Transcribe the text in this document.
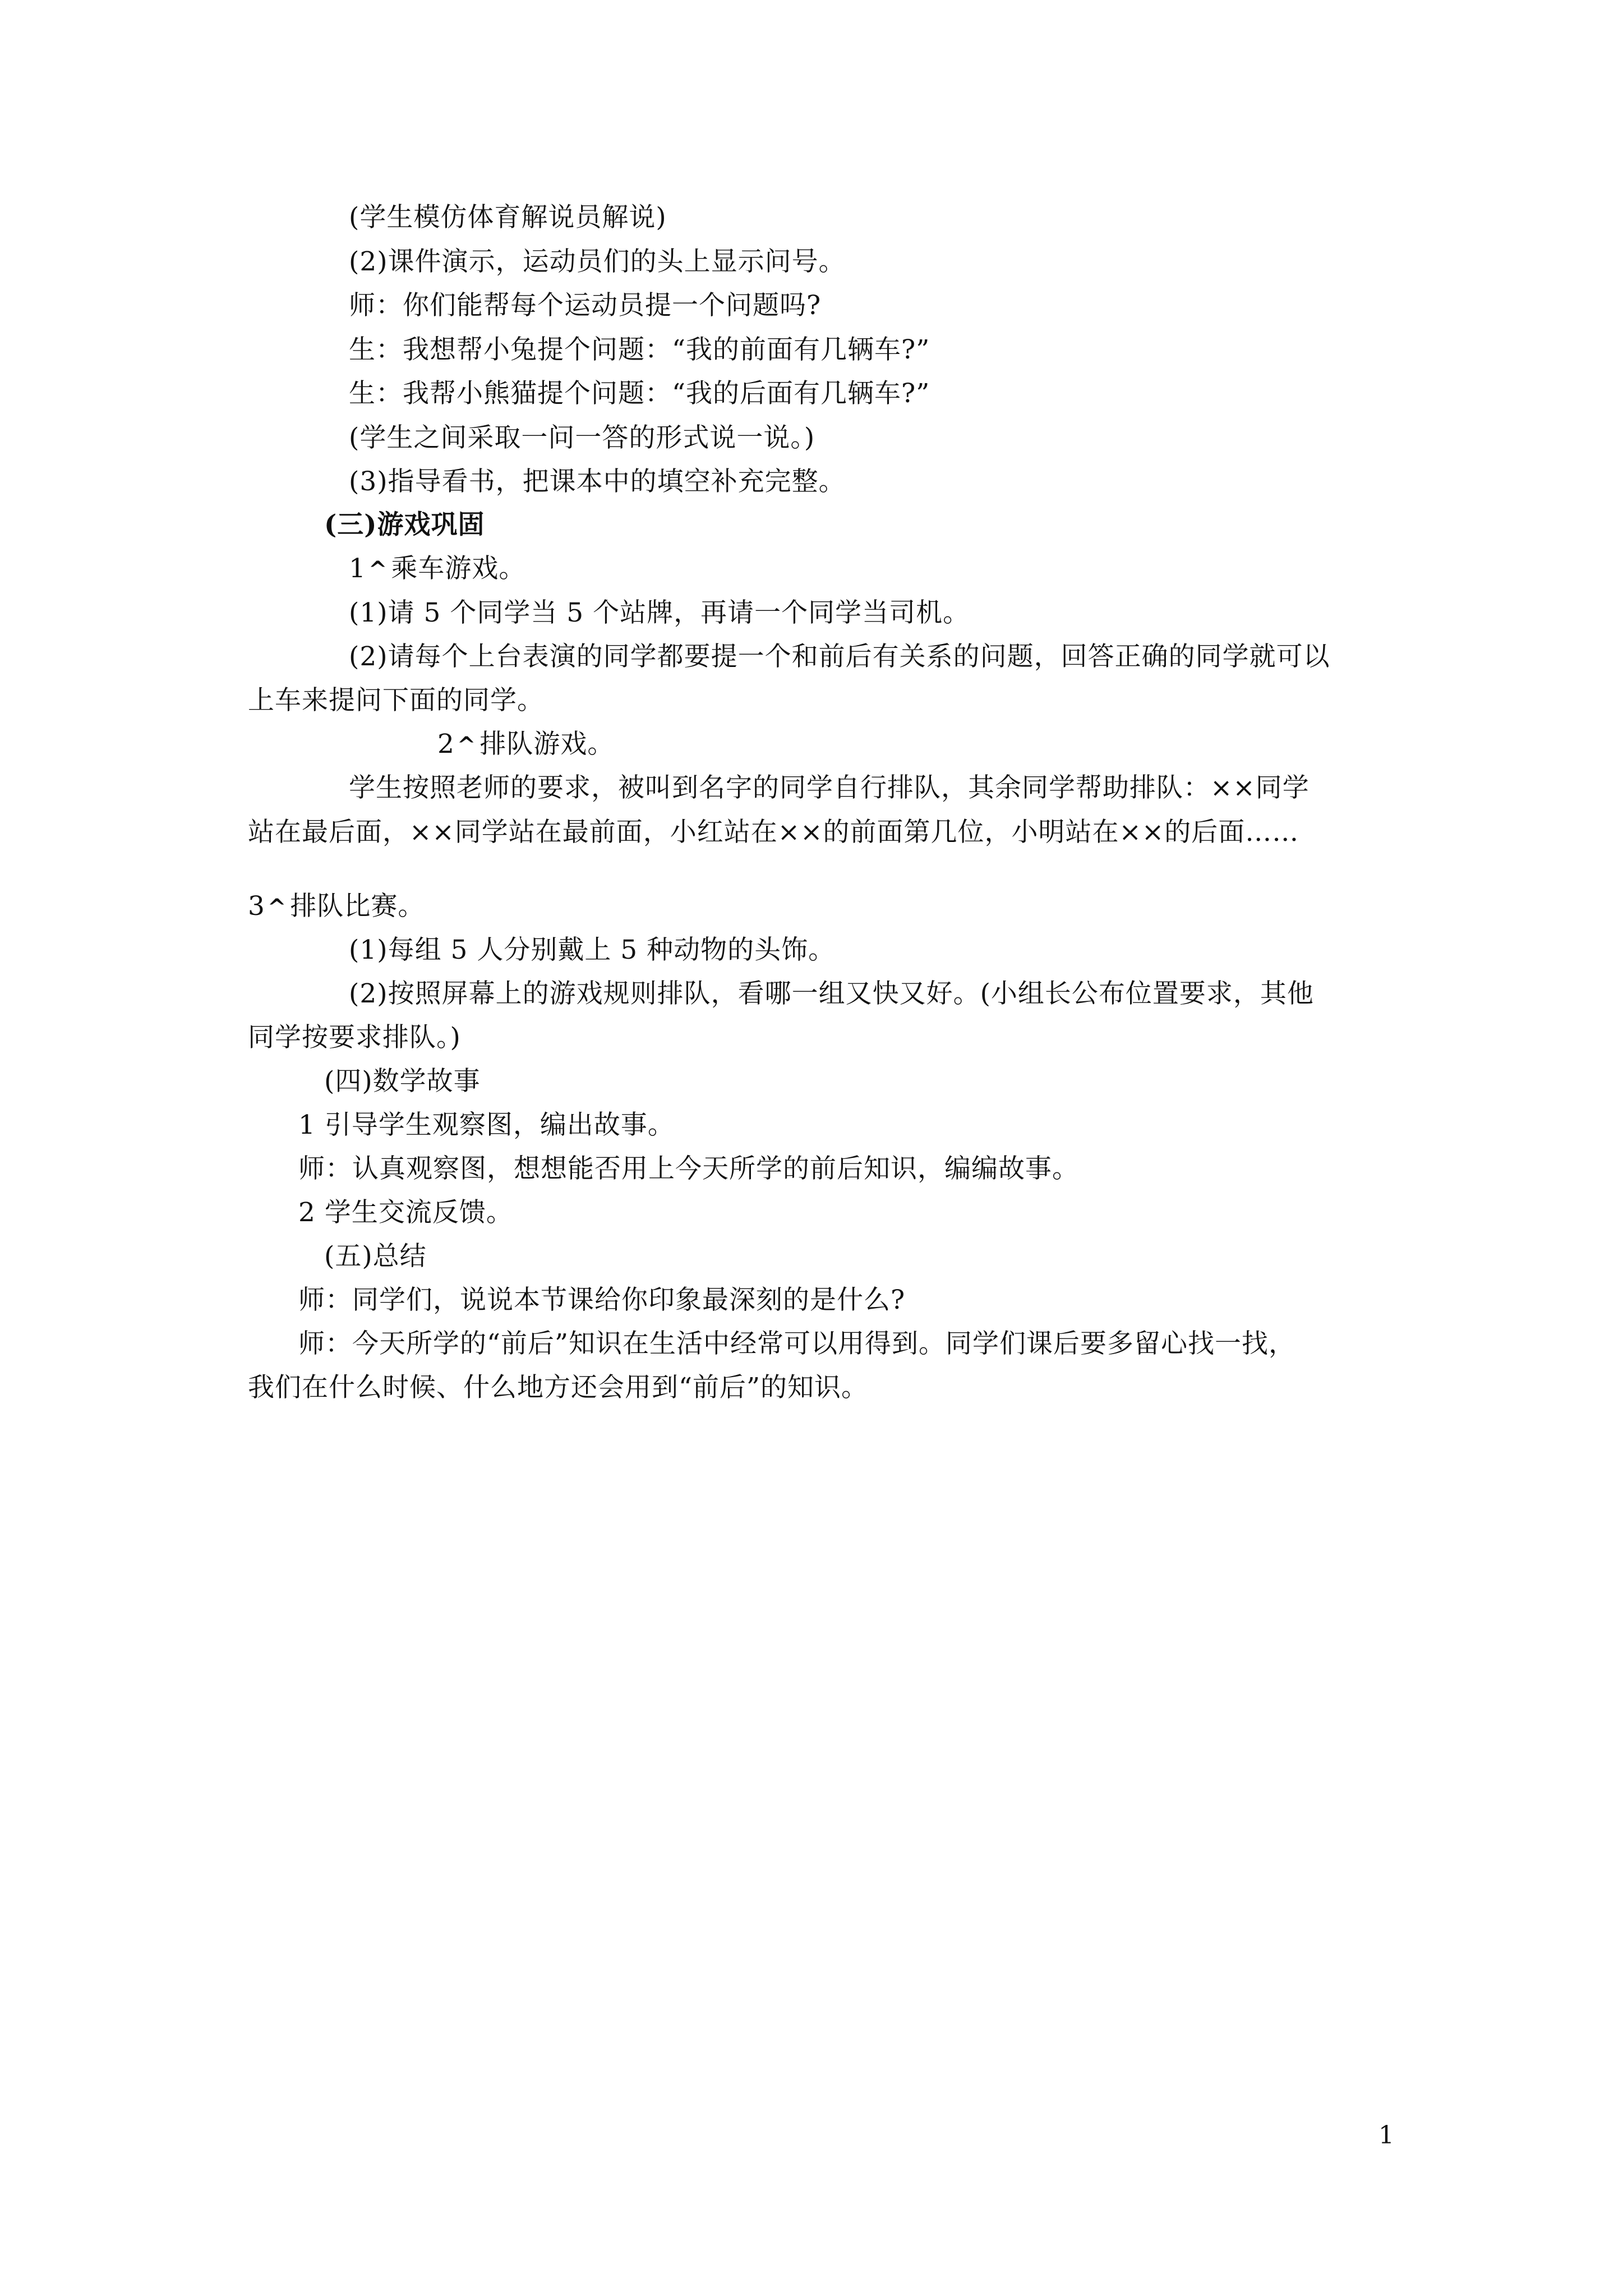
(学生模仿体育解说员解说)
(2)课件演示，运动员们的头上显示问号。
师：你们能帮每个运动员提一个问题吗?
生：我想帮小兔提个问题：“我的前面有几辆车?”
生：我帮小熊猫提个问题：“我的后面有几辆车?”
(学生之间采取一问一答的形式说一说。)
(3)指导看书，把课本中的填空补充完整。
(三)游戏巩固
1 ^ 乘车游戏。
(1)请 5 个同学当 5 个站牌，再请一个同学当司机。
(2)请每个上台表演的同学都要提一个和前后有关系的问题，回答正确的同学就可以
上车来提问下面的同学。
2 ^ 排队游戏。
学生按照老师的要求，被叫到名字的同学自行排队，其余同学帮助排队：××同学
站在最后面，××同学站在最前面，小红站在××的前面第几位，小明站在××的后面……
3 ^ 排队比赛。
(1)每组 5 人分别戴上 5 种动物的头饰。
(2)按照屏幕上的游戏规则排队，看哪一组又快又好。(小组长公布位置要求，其他
同学按要求排队。)
(四)数学故事
1 引导学生观察图，编出故事。
师：认真观察图，想想能否用上今天所学的前后知识，编编故事。
2 学生交流反馈。
(五)总结
师：同学们，说说本节课给你印象最深刻的是什么?
师：今天所学的“前后”知识在生活中经常可以用得到。同学们课后要多留心找一找，
我们在什么时候、什么地方还会用到“前后”的知识。
1
